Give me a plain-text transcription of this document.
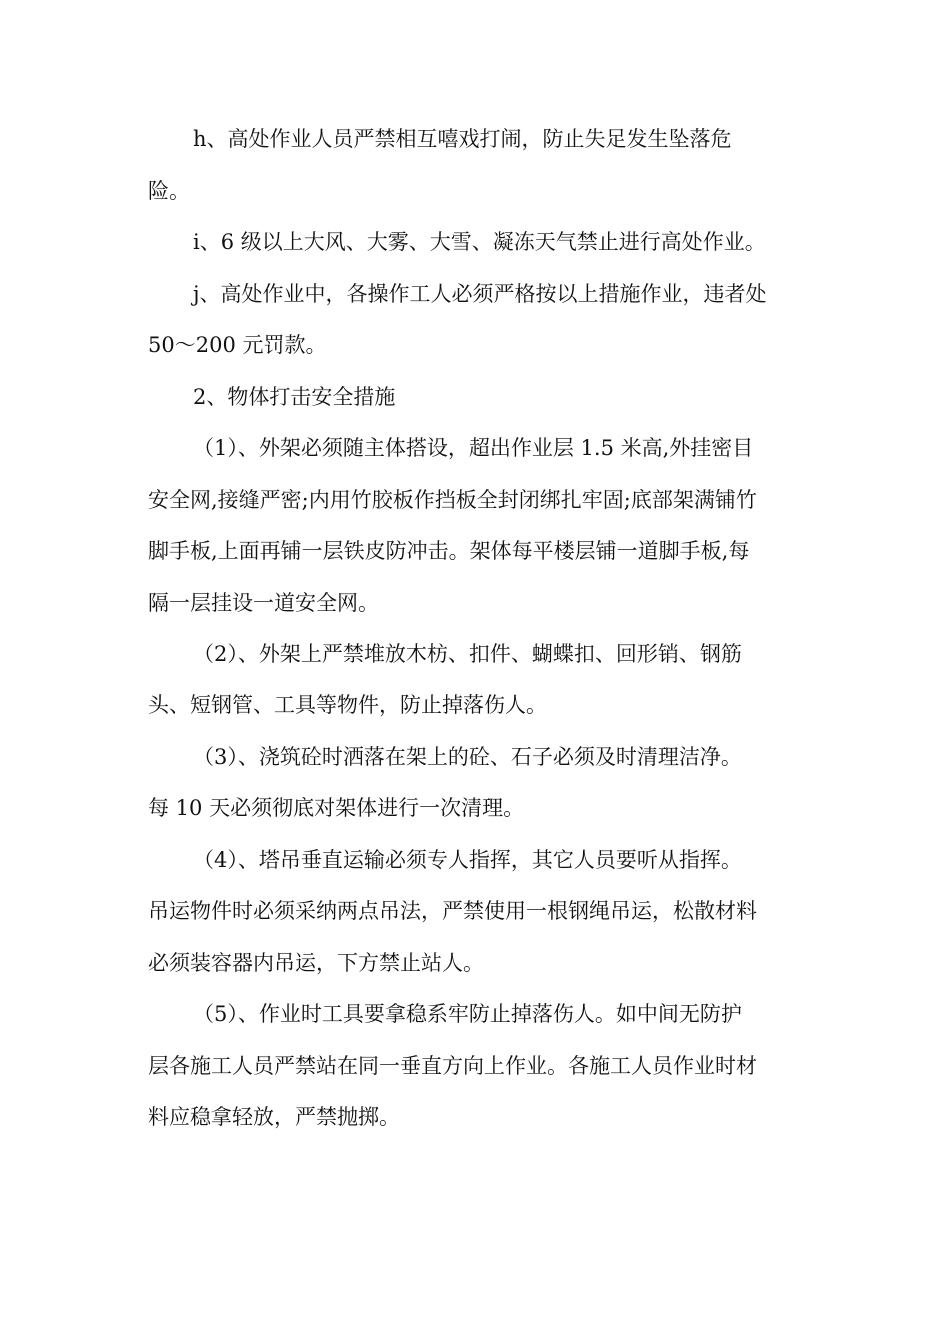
h、高处作业人员严禁相互嘻戏打闹，防止失足发生坠落危

险。

i、6 级以上大风、大雾、大雪、凝冻天气禁止进行高处作业。

j、高处作业中，各操作工人必须严格按以上措施作业，违者处

50～200 元罚款。

2、物体打击安全措施

（1）、外架必须随主体搭设，超出作业层 1.5 米高,外挂密目

安全网,接缝严密;内用竹胶板作挡板全封闭绑扎牢固;底部架满铺竹

脚手板,上面再铺一层铁皮防冲击。架体每平楼层铺一道脚手板,每

隔一层挂设一道安全网。

（2）、外架上严禁堆放木枋、扣件、蝴蝶扣、回形销、钢筋

头、短钢管、工具等物件，防止掉落伤人。

（3）、浇筑砼时洒落在架上的砼、石子必须及时清理洁净。

每 10 天必须彻底对架体进行一次清理。

（4）、塔吊垂直运输必须专人指挥，其它人员要听从指挥。

吊运物件时必须采纳两点吊法，严禁使用一根钢绳吊运，松散材料

必须装容器内吊运，下方禁止站人。

（5）、作业时工具要拿稳系牢防止掉落伤人。如中间无防护

层各施工人员严禁站在同一垂直方向上作业。各施工人员作业时材

料应稳拿轻放，严禁抛掷。
